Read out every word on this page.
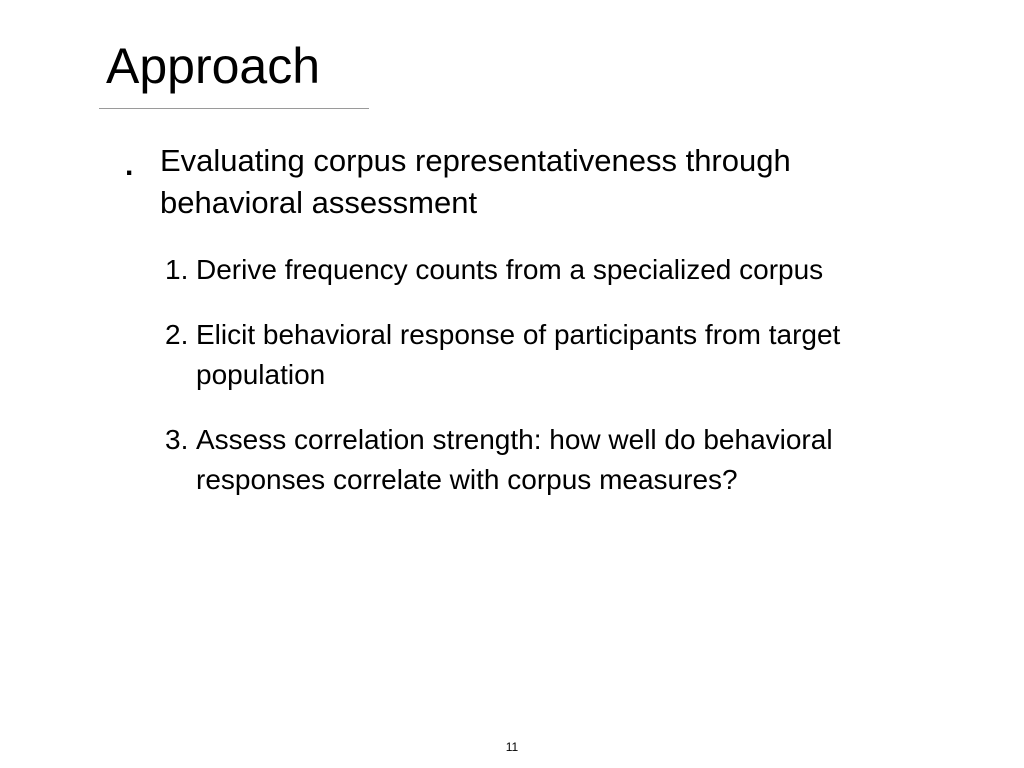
Approach
. Evaluating corpus representativeness through behavioral assessment
1. Derive frequency counts from a specialized corpus
2. Elicit behavioral response of participants from target population
3. Assess correlation strength: how well do behavioral responses correlate with corpus measures?
11
